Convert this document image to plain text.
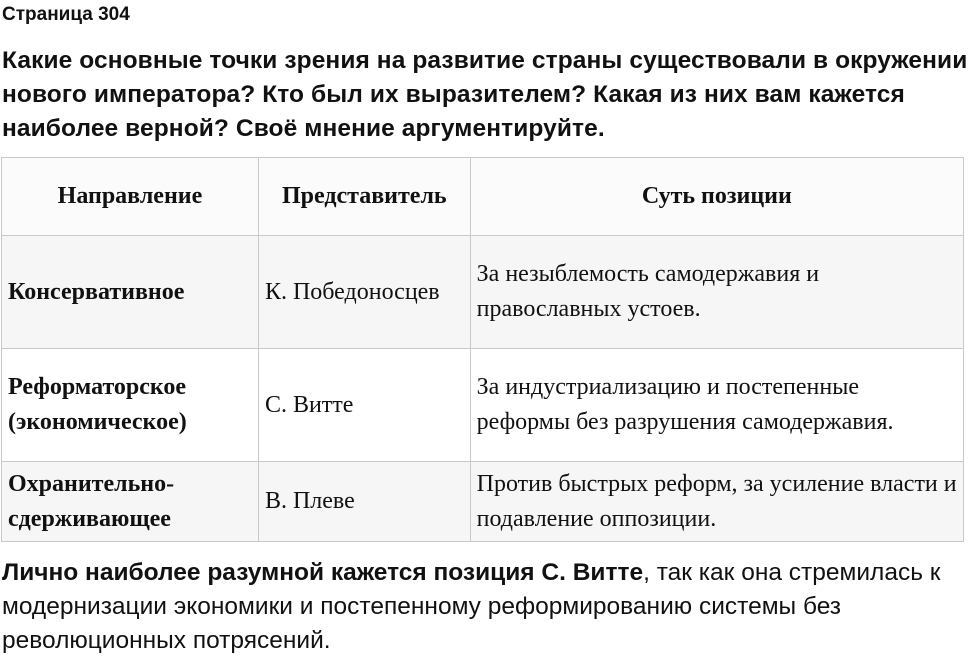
Страница 304
Какие основные точки зрения на развитие страны существовали в окружении нового императора? Кто был их выразителем? Какая из них вам кажется наиболее верной? Своё мнение аргументируйте.
Направление	Представитель	Суть позиции
Консервативное	К. Победоносцев	За незыблемость самодержавия и православных устоев.
Реформаторское (экономическое)	С. Витте	За индустриализацию и постепенные реформы без разрушения самодержавия.
Охранительно-сдерживающее	В. Плеве	Против быстрых реформ, за усиление власти и подавление оппозиции.
Лично наиболее разумной кажется позиция С. Витте, так как она стремилась к модернизации экономики и постепенному реформированию системы без революционных потрясений.
